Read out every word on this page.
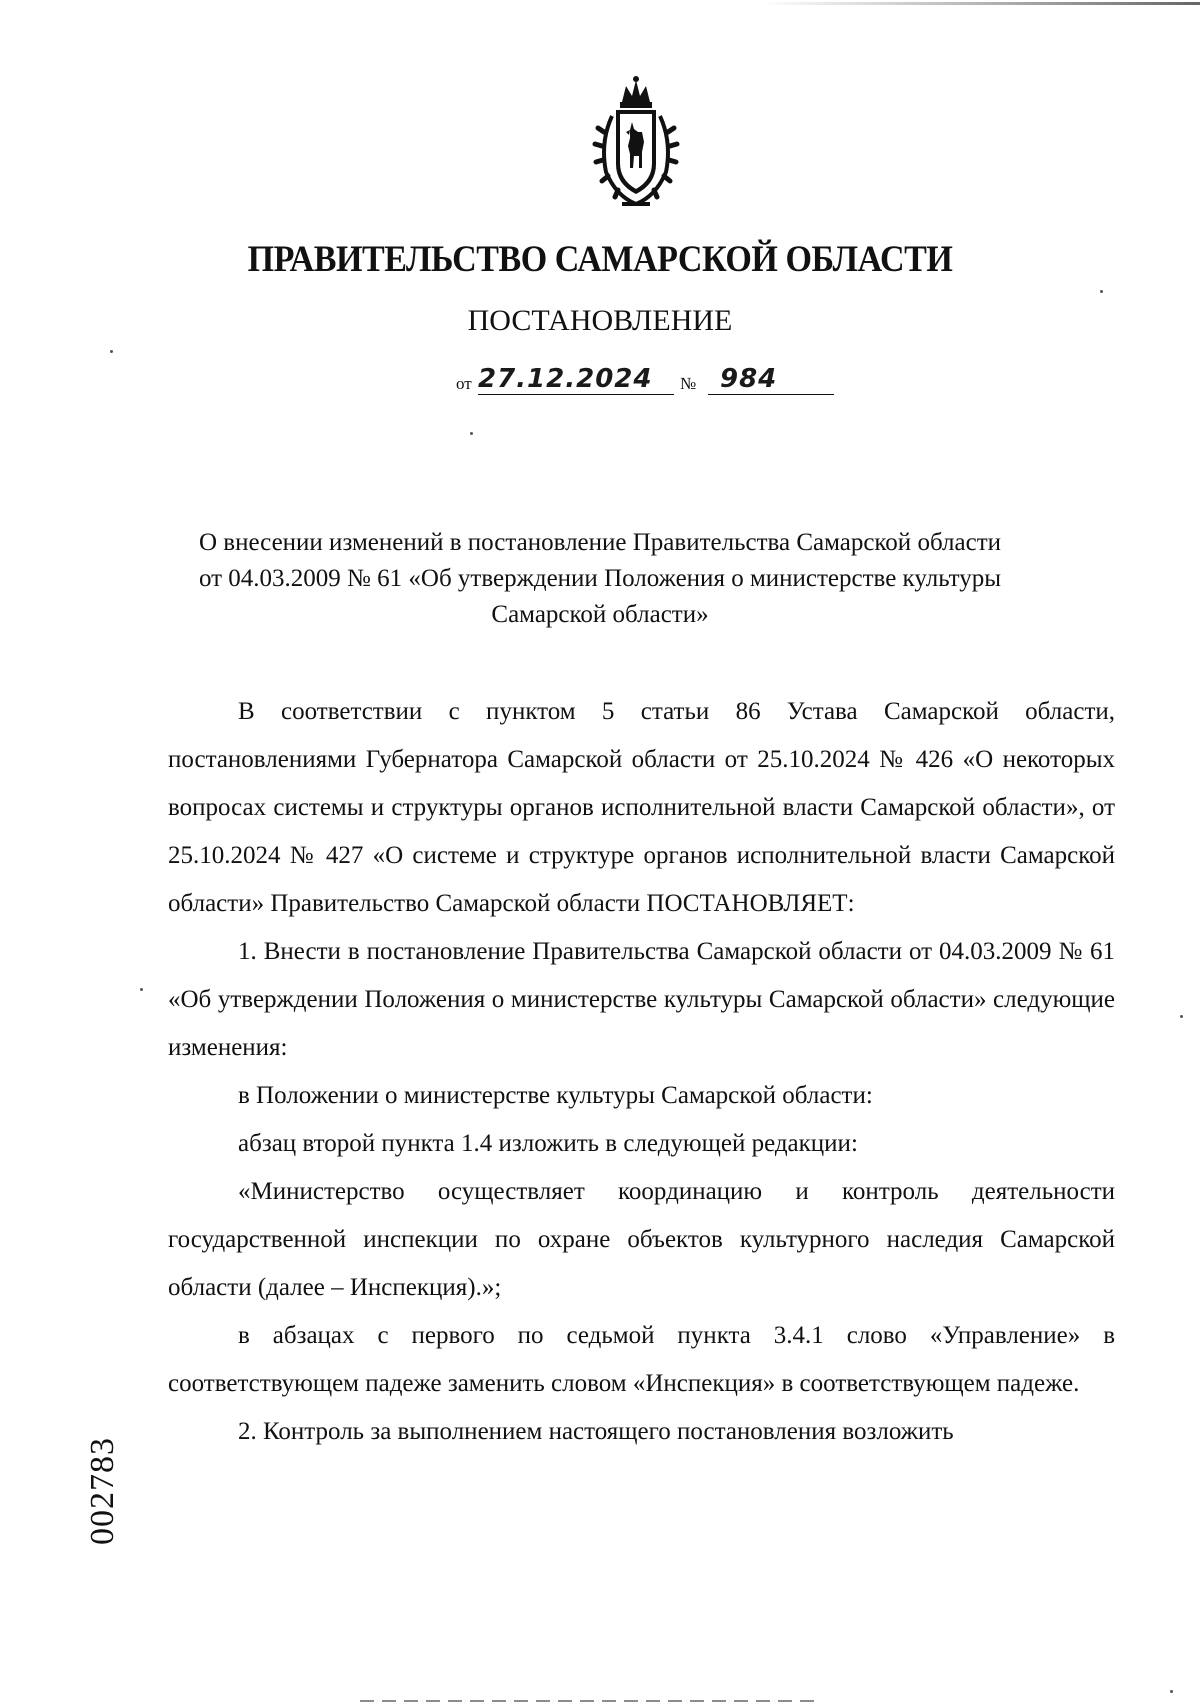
ПРАВИТЕЛЬСТВО САМАРСКОЙ ОБЛАСТИ
ПОСТАНОВЛЕНИЕ
от 27.12.2024 № 984
О внесении изменений в постановление Правительства Самарской области
от 04.03.2009 № 61 «Об утверждении Положения о министерстве культуры
Самарской области»

В соответствии с пунктом 5 статьи 86 Устава Самарской области, постановлениями Губернатора Самарской области от 25.10.2024 № 426 «О некоторых вопросах системы и структуры органов исполнительной власти Самарской области», от 25.10.2024 № 427 «О системе и структуре органов исполнительной власти Самарской области» Правительство Самарской области ПОСТАНОВЛЯЕТ:

1. Внести в постановление Правительства Самарской области от 04.03.2009 № 61 «Об утверждении Положения о министерстве культуры Самарской области» следующие изменения:

в Положении о министерстве культуры Самарской области:

абзац второй пункта 1.4 изложить в следующей редакции:

«Министерство осуществляет координацию и контроль деятельности государственной инспекции по охране объектов культурного наследия Самарской области (далее – Инспекция).»;

в абзацах с первого по седьмой пункта 3.4.1 слово «Управление» в соответствующем падеже заменить словом «Инспекция» в соответствующем падеже.

2. Контроль за выполнением настоящего постановления возложить

002783
